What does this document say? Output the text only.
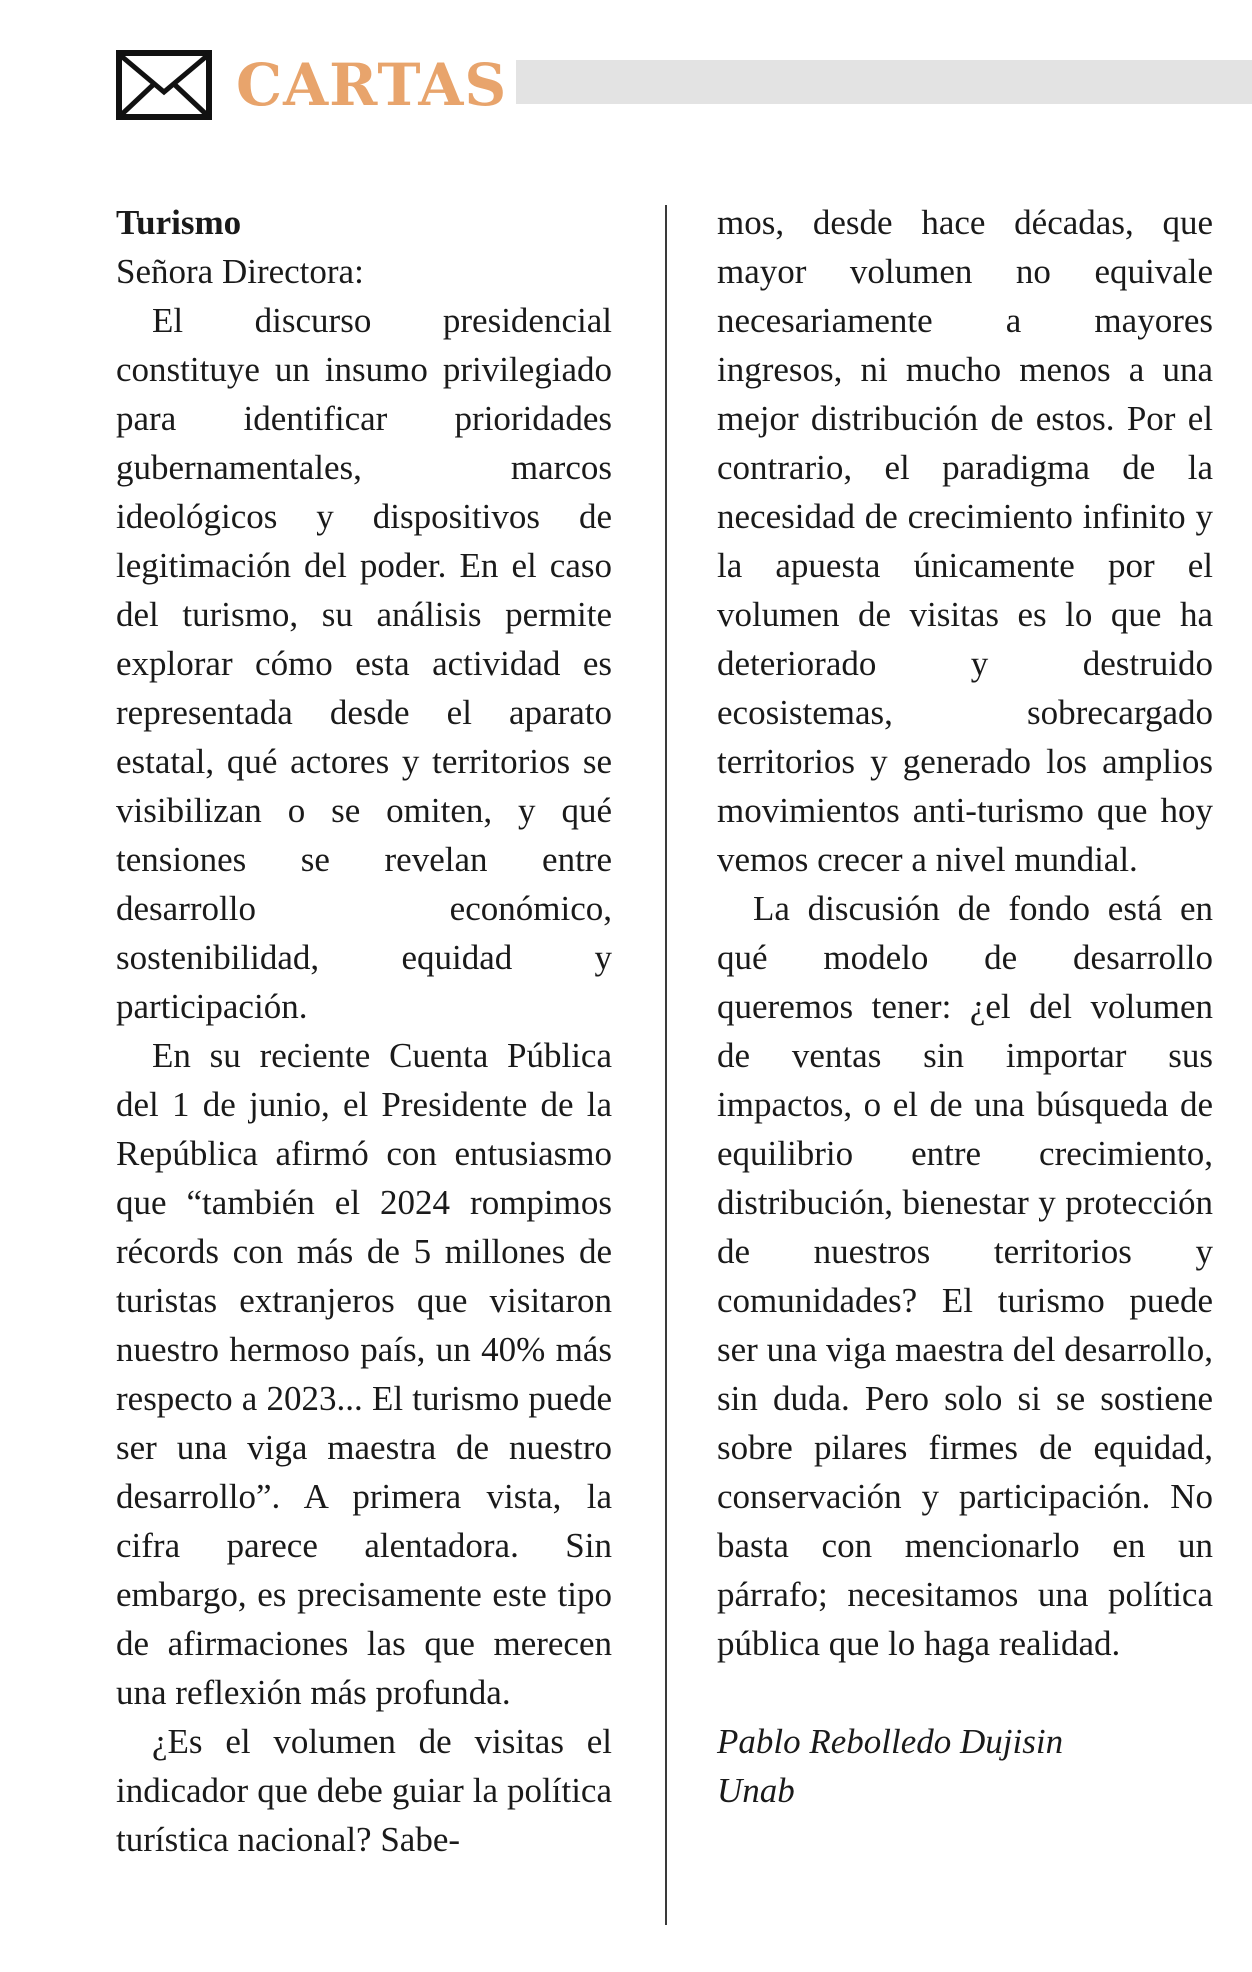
CARTAS

Turismo

Señora Directora:

El discurso presidencial constituye un insumo privilegiado para identificar prioridades gubernamentales, marcos ideológicos y dispositivos de legitimación del poder. En el caso del turismo, su análisis permite explorar cómo esta actividad es representada desde el aparato estatal, qué actores y territorios se visibilizan o se omiten, y qué tensiones se revelan entre desarrollo económico, sostenibilidad, equidad y participación.

En su reciente Cuenta Pública del 1 de junio, el Presidente de la República afirmó con entusiasmo que “también el 2024 rompimos récords con más de 5 millones de turistas extranjeros que visitaron nuestro hermoso país, un 40% más respecto a 2023... El turismo puede ser una viga maestra de nuestro desarrollo”. A primera vista, la cifra parece alentadora. Sin embargo, es precisamente este tipo de afirmaciones las que merecen una reflexión más profunda.

¿Es el volumen de visitas el indicador que debe guiar la política turística nacional? Sabe-

mos, desde hace décadas, que mayor volumen no equivale necesariamente a mayores ingresos, ni mucho menos a una mejor distribución de estos. Por el contrario, el paradigma de la necesidad de crecimiento infinito y la apuesta únicamente por el volumen de visitas es lo que ha deteriorado y destruido ecosistemas, sobrecargado territorios y generado los amplios movimientos anti-turismo que hoy vemos crecer a nivel mundial.

La discusión de fondo está en qué modelo de desarrollo queremos tener: ¿el del volumen de ventas sin importar sus impactos, o el de una búsqueda de equilibrio entre crecimiento, distribución, bienestar y protección de nuestros territorios y comunidades? El turismo puede ser una viga maestra del desarrollo, sin duda. Pero solo si se sostiene sobre pilares firmes de equidad, conservación y participación. No basta con mencionarlo en un párrafo; necesitamos una política pública que lo haga realidad.

Pablo Rebolledo Dujisin

Unab
